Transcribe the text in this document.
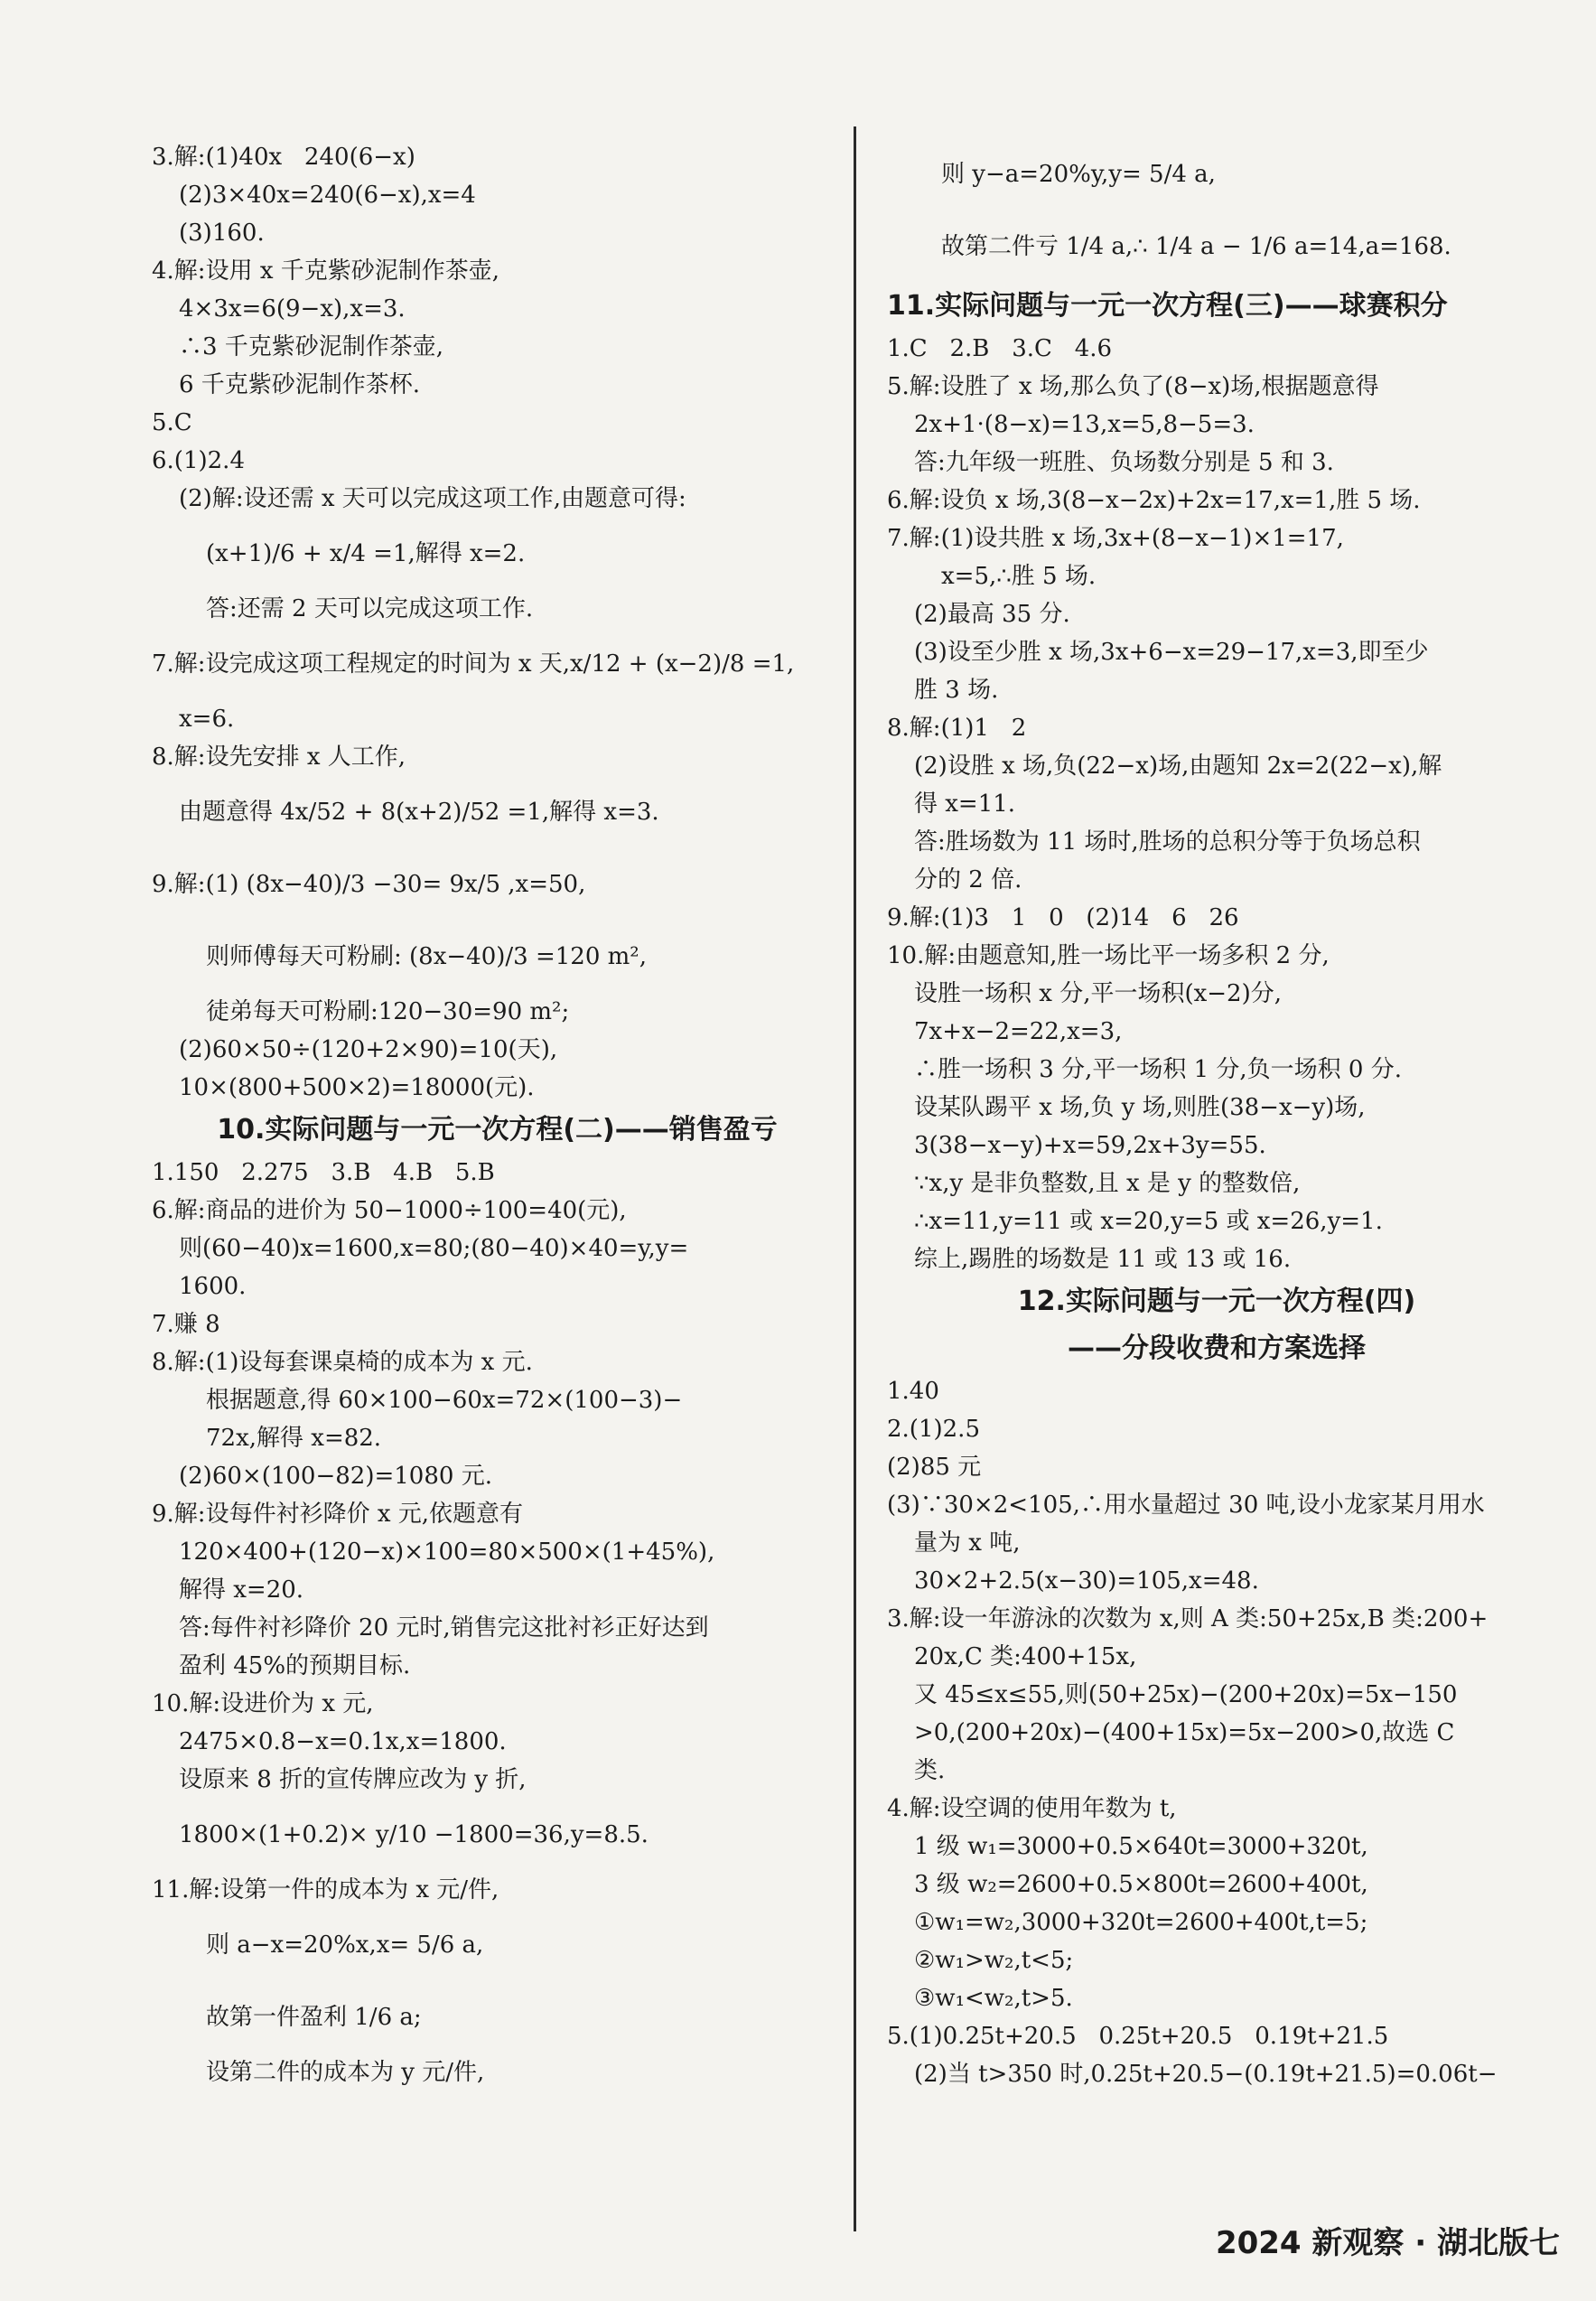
3.解:(1)40x   240(6−x)
(2)3×40x=240(6−x),x=4
(3)160.
4.解:设用 x 千克紫砂泥制作茶壶,
4×3x=6(9−x),x=3.
∴3 千克紫砂泥制作茶壶,
6 千克紫砂泥制作茶杯.
5.C
6.(1)2.4
(2)解:设还需 x 天可以完成这项工作,由题意可得:
(x+1)/6 + x/4 =1,解得 x=2.
答:还需 2 天可以完成这项工作.
7.解:设完成这项工程规定的时间为 x 天,x/12 + (x−2)/8 =1,
x=6.
8.解:设先安排 x 人工作,
由题意得 4x/52 + 8(x+2)/52 =1,解得 x=3.
9.解:(1) (8x−40)/3 −30= 9x/5 ,x=50,
则师傅每天可粉刷: (8x−40)/3 =120 m²,
徒弟每天可粉刷:120−30=90 m²;
(2)60×50÷(120+2×90)=10(天),
10×(800+500×2)=18000(元).
10.实际问题与一元一次方程(二)——销售盈亏
1.150   2.275   3.B   4.B   5.B
6.解:商品的进价为 50−1000÷100=40(元),
则(60−40)x=1600,x=80;(80−40)×40=y,y=
1600.
7.赚 8
8.解:(1)设每套课桌椅的成本为 x 元.
根据题意,得 60×100−60x=72×(100−3)−
72x,解得 x=82.
(2)60×(100−82)=1080 元.
9.解:设每件衬衫降价 x 元,依题意有
120×400+(120−x)×100=80×500×(1+45%),
解得 x=20.
答:每件衬衫降价 20 元时,销售完这批衬衫正好达到
盈利 45%的预期目标.
10.解:设进价为 x 元,
2475×0.8−x=0.1x,x=1800.
设原来 8 折的宣传牌应改为 y 折,
1800×(1+0.2)× y/10 −1800=36,y=8.5.
11.解:设第一件的成本为 x 元/件,
则 a−x=20%x,x= 5/6 a,
故第一件盈利 1/6 a;
设第二件的成本为 y 元/件,
则 y−a=20%y,y= 5/4 a,
故第二件亏 1/4 a,∴ 1/4 a − 1/6 a=14,a=168.
11.实际问题与一元一次方程(三)——球赛积分
1.C   2.B   3.C   4.6
5.解:设胜了 x 场,那么负了(8−x)场,根据题意得
2x+1·(8−x)=13,x=5,8−5=3.
答:九年级一班胜、负场数分别是 5 和 3.
6.解:设负 x 场,3(8−x−2x)+2x=17,x=1,胜 5 场.
7.解:(1)设共胜 x 场,3x+(8−x−1)×1=17,
x=5,∴胜 5 场.
(2)最高 35 分.
(3)设至少胜 x 场,3x+6−x=29−17,x=3,即至少
胜 3 场.
8.解:(1)1   2
(2)设胜 x 场,负(22−x)场,由题知 2x=2(22−x),解
得 x=11.
答:胜场数为 11 场时,胜场的总积分等于负场总积
分的 2 倍.
9.解:(1)3   1   0   (2)14   6   26
10.解:由题意知,胜一场比平一场多积 2 分,
设胜一场积 x 分,平一场积(x−2)分,
7x+x−2=22,x=3,
∴胜一场积 3 分,平一场积 1 分,负一场积 0 分.
设某队踢平 x 场,负 y 场,则胜(38−x−y)场,
3(38−x−y)+x=59,2x+3y=55.
∵x,y 是非负整数,且 x 是 y 的整数倍,
∴x=11,y=11 或 x=20,y=5 或 x=26,y=1.
综上,踢胜的场数是 11 或 13 或 16.
12.实际问题与一元一次方程(四)
——分段收费和方案选择
1.40
2.(1)2.5
(2)85 元
(3)∵30×2<105,∴用水量超过 30 吨,设小龙家某月用水
量为 x 吨,
30×2+2.5(x−30)=105,x=48.
3.解:设一年游泳的次数为 x,则 A 类:50+25x,B 类:200+
20x,C 类:400+15x,
又 45≤x≤55,则(50+25x)−(200+20x)=5x−150
>0,(200+20x)−(400+15x)=5x−200>0,故选 C
类.
4.解:设空调的使用年数为 t,
1 级 w₁=3000+0.5×640t=3000+320t,
3 级 w₂=2600+0.5×800t=2600+400t,
①w₁=w₂,3000+320t=2600+400t,t=5;
②w₁>w₂,t<5;
③w₁<w₂,t>5.
5.(1)0.25t+20.5   0.25t+20.5   0.19t+21.5
(2)当 t>350 时,0.25t+20.5−(0.19t+21.5)=0.06t−
2024 新观察 · 湖北版七
